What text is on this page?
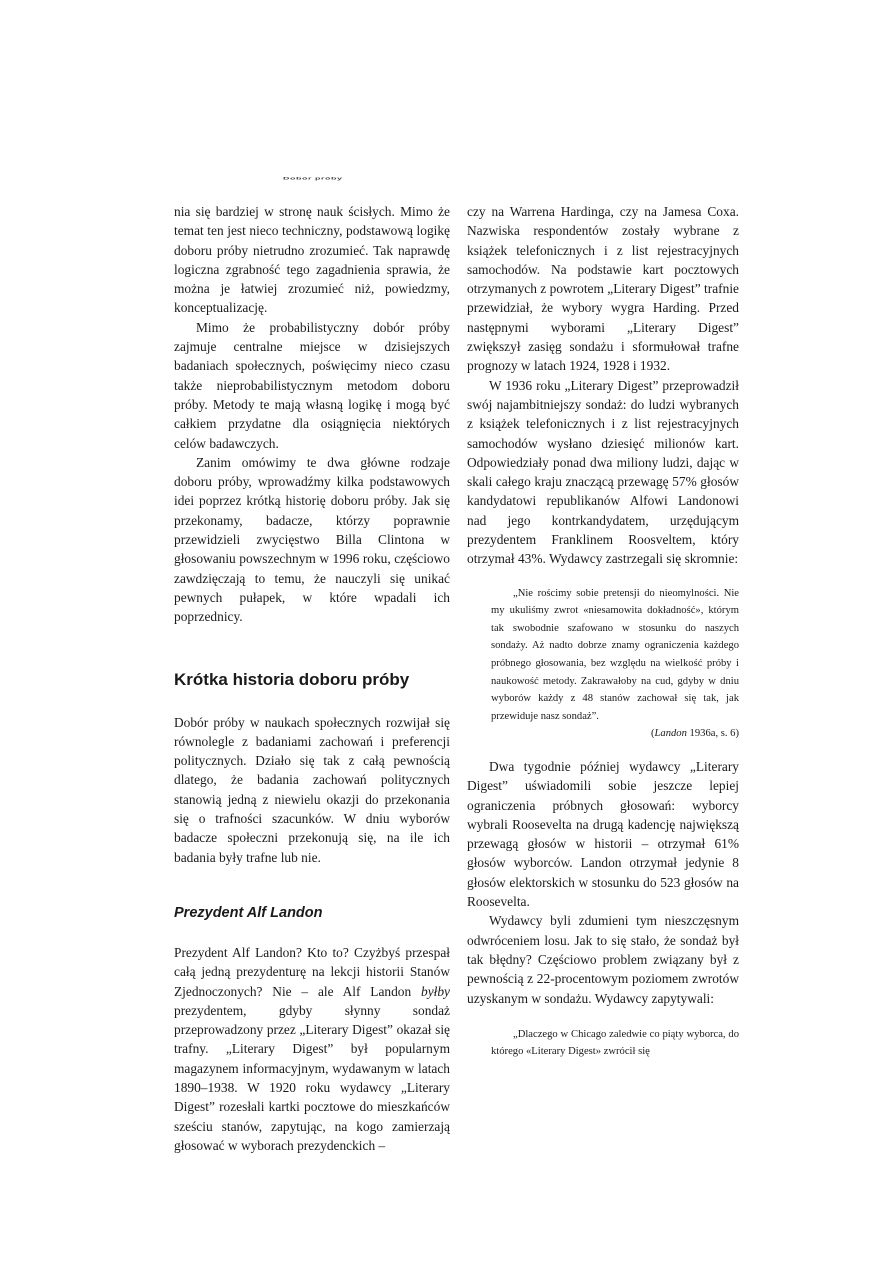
Dobór próby

nia się bardziej w stronę nauk ścisłych. Mimo że temat ten jest nieco techniczny, podstawową logikę doboru próby nietrudno zrozumieć. Tak naprawdę logiczna zgrabność tego zagadnienia sprawia, że można je łatwiej zrozumieć niż, powiedzmy, konceptualizację.

Mimo że probabilistyczny dobór próby zajmuje centralne miejsce w dzisiejszych badaniach społecznych, poświęcimy nieco czasu także nieprobabilistycznym metodom doboru próby. Metody te mają własną logikę i mogą być całkiem przydatne dla osiągnięcia niektórych celów badawczych.

Zanim omówimy te dwa główne rodzaje doboru próby, wprowadźmy kilka podstawowych idei poprzez krótką historię doboru próby. Jak się przekonamy, badacze, którzy poprawnie przewidzieli zwycięstwo Billa Clintona w głosowaniu powszechnym w 1996 roku, częściowo zawdzięczają to temu, że nauczyli się unikać pewnych pułapek, w które wpadali ich poprzednicy.

Krótka historia doboru próby

Dobór próby w naukach społecznych rozwijał się równolegle z badaniami zachowań i preferencji politycznych. Działo się tak z całą pewnością dlatego, że badania zachowań politycznych stanowią jedną z niewielu okazji do przekonania się o trafności szacunków. W dniu wyborów badacze społeczni przekonują się, na ile ich badania były trafne lub nie.

Prezydent Alf Landon

Prezydent Alf Landon? Kto to? Czyżbyś przespał całą jedną prezydenturę na lekcji historii Stanów Zjednoczonych? Nie – ale Alf Landon byłby prezydentem, gdyby słynny sondaż przeprowadzony przez „Literary Digest” okazał się trafny. „Literary Digest” był popularnym magazynem informacyjnym, wydawanym w latach 1890–1938. W 1920 roku wydawcy „Literary Digest” rozesłali kartki pocztowe do mieszkańców sześciu stanów, zapytując, na kogo zamierzają głosować w wyborach prezydenckich –

czy na Warrena Hardinga, czy na Jamesa Coxa. Nazwiska respondentów zostały wybrane z książek telefonicznych i z list rejestracyjnych samochodów. Na podstawie kart pocztowych otrzymanych z powrotem „Literary Digest” trafnie przewidział, że wybory wygra Harding. Przed następnymi wyborami „Literary Digest” zwiększył zasięg sondażu i sformułował trafne prognozy w latach 1924, 1928 i 1932.

W 1936 roku „Literary Digest” przeprowadził swój najambitniejszy sondaż: do ludzi wybranych z książek telefonicznych i z list rejestracyjnych samochodów wysłano dziesięć milionów kart. Odpowiedziały ponad dwa miliony ludzi, dając w skali całego kraju znaczącą przewagę 57% głosów kandydatowi republikanów Alfowi Landonowi nad jego kontrkandydatem, urzędującym prezydentem Franklinem Roosveltem, który otrzymał 43%. Wydawcy zastrzegali się skromnie:

„Nie rościmy sobie pretensji do nieomylności. Nie my ukuliśmy zwrot «niesamowita dokładność», którym tak swobodnie szafowano w stosunku do naszych sondaży. Aż nadto dobrze znamy ograniczenia każdego próbnego głosowania, bez względu na wielkość próby i naukowość metody. Zakrawałoby na cud, gdyby w dniu wyborów każdy z 48 stanów zachował się tak, jak przewiduje nasz sondaż”.

(Landon 1936a, s. 6)

Dwa tygodnie później wydawcy „Literary Digest” uświadomili sobie jeszcze lepiej ograniczenia próbnych głosowań: wyborcy wybrali Roosevelta na drugą kadencję największą przewagą głosów w historii – otrzymał 61% głosów wyborców. Landon otrzymał jedynie 8 głosów elektorskich w stosunku do 523 głosów na Roosevelta.

Wydawcy byli zdumieni tym nieszczęsnym odwróceniem losu. Jak to się stało, że sondaż był tak błędny? Częściowo problem związany był z pewnością z 22-procentowym poziomem zwrotów uzyskanym w sondażu. Wydawcy zapytywali:

„Dlaczego w Chicago zaledwie co piąty wyborca, do którego «Literary Digest» zwrócił się
